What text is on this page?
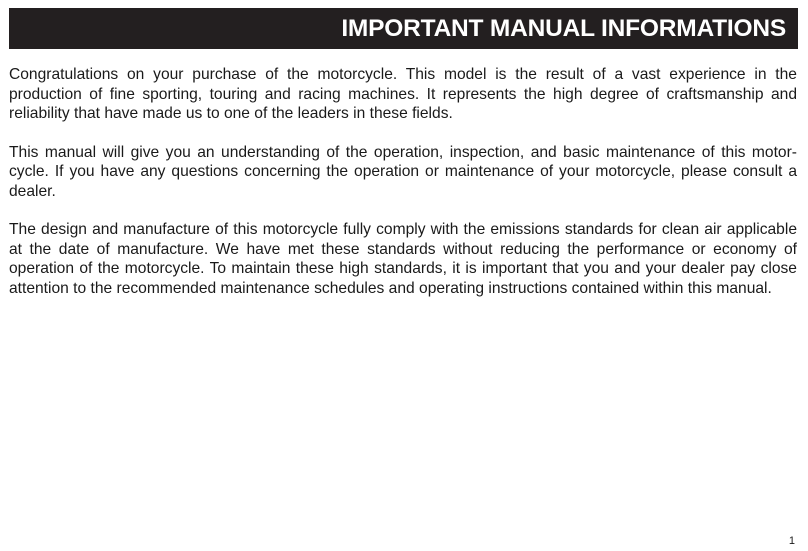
IMPORTANT MANUAL INFORMATIONS

Congratulations on your purchase of the motorcycle. This model is the result of a vast experience in the production of fine sporting, touring and racing machines. It represents the high degree of craftsmanship and reliability that have made us to one of the leaders in these fields.

This manual will give you an understanding of the operation, inspection, and basic maintenance of this motorcycle. If you have any questions concerning the operation or maintenance of your motorcycle, please consult a dealer.

The design and manufacture of this motorcycle fully comply with the emissions standards for clean air applicable at the date of manufacture. We have met these standards without reducing the performance or economy of operation of the motorcycle. To maintain these high standards, it is important that you and your dealer pay close attention to the recommended maintenance schedules and operating instructions contained within this manual.

1
